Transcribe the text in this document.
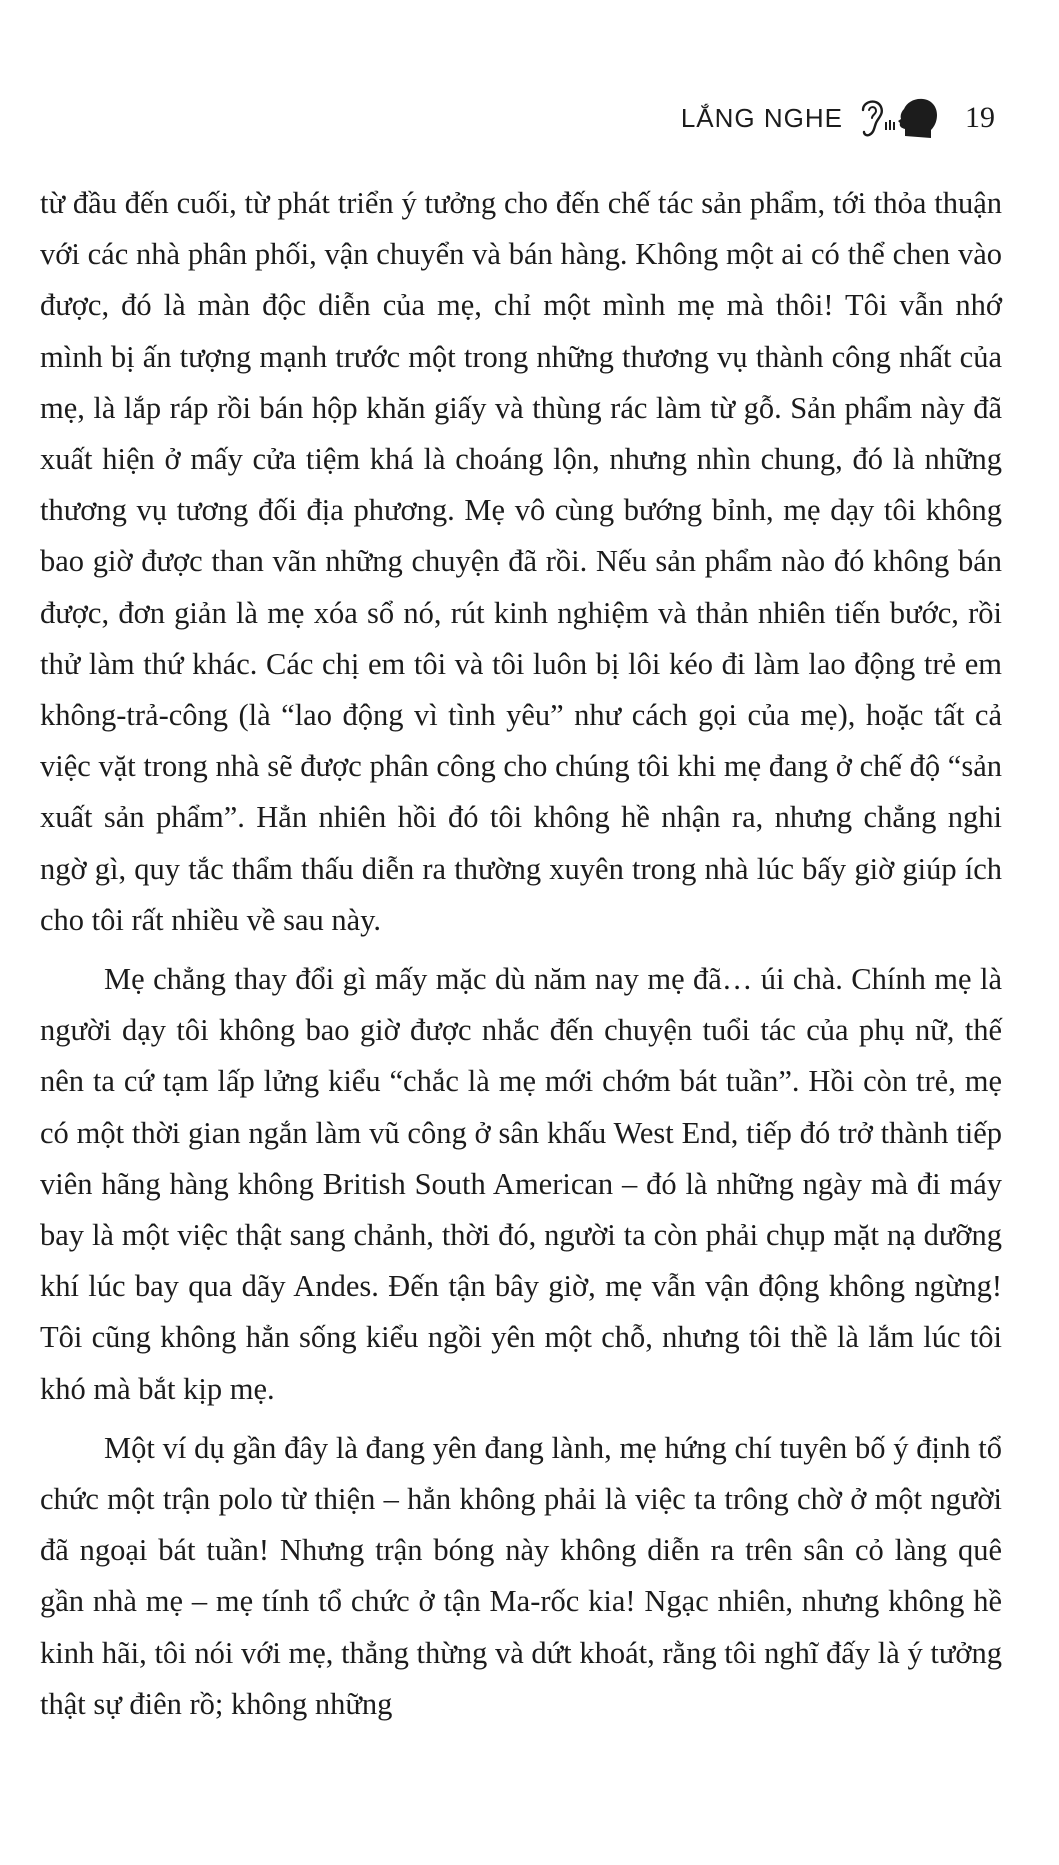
LẮNG NGHE	19

từ đầu đến cuối, từ phát triển ý tưởng cho đến chế tác sản phẩm, tới thỏa thuận với các nhà phân phối, vận chuyển và bán hàng. Không một ai có thể chen vào được, đó là màn độc diễn của mẹ, chỉ một mình mẹ mà thôi! Tôi vẫn nhớ mình bị ấn tượng mạnh trước một trong những thương vụ thành công nhất của mẹ, là lắp ráp rồi bán hộp khăn giấy và thùng rác làm từ gỗ. Sản phẩm này đã xuất hiện ở mấy cửa tiệm khá là choáng lộn, nhưng nhìn chung, đó là những thương vụ tương đối địa phương. Mẹ vô cùng bướng bỉnh, mẹ dạy tôi không bao giờ được than vãn những chuyện đã rồi. Nếu sản phẩm nào đó không bán được, đơn giản là mẹ xóa sổ nó, rút kinh nghiệm và thản nhiên tiến bước, rồi thử làm thứ khác. Các chị em tôi và tôi luôn bị lôi kéo đi làm lao động trẻ em không-trả-công (là “lao động vì tình yêu” như cách gọi của mẹ), hoặc tất cả việc vặt trong nhà sẽ được phân công cho chúng tôi khi mẹ đang ở chế độ “sản xuất sản phẩm”. Hẳn nhiên hồi đó tôi không hề nhận ra, nhưng chẳng nghi ngờ gì, quy tắc thẩm thấu diễn ra thường xuyên trong nhà lúc bấy giờ giúp ích cho tôi rất nhiều về sau này.

Mẹ chẳng thay đổi gì mấy mặc dù năm nay mẹ đã… úi chà. Chính mẹ là người dạy tôi không bao giờ được nhắc đến chuyện tuổi tác của phụ nữ, thế nên ta cứ tạm lấp lửng kiểu “chắc là mẹ mới chớm bát tuần”. Hồi còn trẻ, mẹ có một thời gian ngắn làm vũ công ở sân khấu West End, tiếp đó trở thành tiếp viên hãng hàng không British South American – đó là những ngày mà đi máy bay là một việc thật sang chảnh, thời đó, người ta còn phải chụp mặt nạ dưỡng khí lúc bay qua dãy Andes. Đến tận bây giờ, mẹ vẫn vận động không ngừng! Tôi cũng không hẳn sống kiểu ngồi yên một chỗ, nhưng tôi thề là lắm lúc tôi khó mà bắt kịp mẹ.

Một ví dụ gần đây là đang yên đang lành, mẹ hứng chí tuyên bố ý định tổ chức một trận polo từ thiện – hẳn không phải là việc ta trông chờ ở một người đã ngoại bát tuần! Nhưng trận bóng này không diễn ra trên sân cỏ làng quê gần nhà mẹ – mẹ tính tổ chức ở tận Ma-rốc kia! Ngạc nhiên, nhưng không hề kinh hãi, tôi nói với mẹ, thẳng thừng và dứt khoát, rằng tôi nghĩ đấy là ý tưởng thật sự điên rồ; không những
